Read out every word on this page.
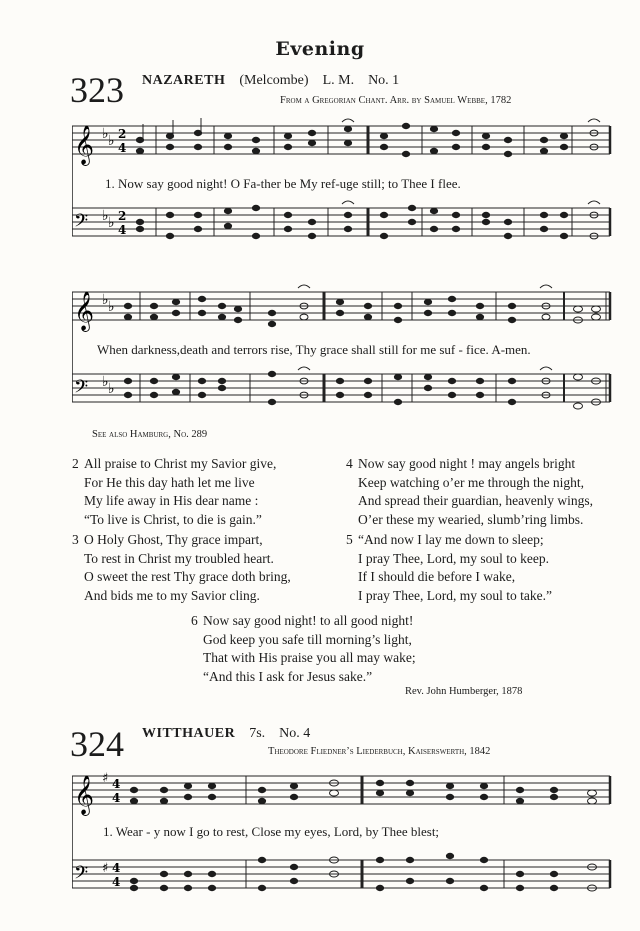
Evening
323 NAZARETH (Melcombe) L. M. No. 1
From a Gregorian Chant. Arr. by Samuel Webbe, 1782
𝄞 ♭ ♭ 2
4
𝄢 ♭ ♭ 2
4
1. Now say good night! O Fa-ther be My ref-uge still; to Thee I flee.
𝄞 ♭ ♭
𝄢 ♭ ♭
When darkness,death and terrors rise, Thy grace shall still for me suf - fice. A-men.
See also Hamburg, No. 289
2 All praise to Christ my Savior give,
For He this day hath let me live
My life away in His dear name :
“To live is Christ, to die is gain.”
3 O Holy Ghost, Thy grace impart,
To rest in Christ my troubled heart.
O sweet the rest Thy grace doth bring,
And bids me to my Savior cling.
4 Now say good night ! may angels bright
Keep watching o’er me through the night,
And spread their guardian, heavenly wings,
O’er these my wearied, slumb’ring limbs.
5 “And now I lay me down to sleep;
I pray Thee, Lord, my soul to keep.
If I should die before I wake,
I pray Thee, Lord, my soul to take.”
6 Now say good night! to all good night!
God keep you safe till morning’s light,
That with His praise you all may wake;
“And this I ask for Jesus sake.”
Rev. John Humberger, 1878
324 WITTHAUER 7s. No. 4
Theodore Fliedner’s Liederbuch, Kaiserswerth, 1842
𝄞 ♯ 4
4
𝄢 ♯ 4
4
1. Wear - y now I go to rest, Close my eyes, Lord, by Thee blest;
